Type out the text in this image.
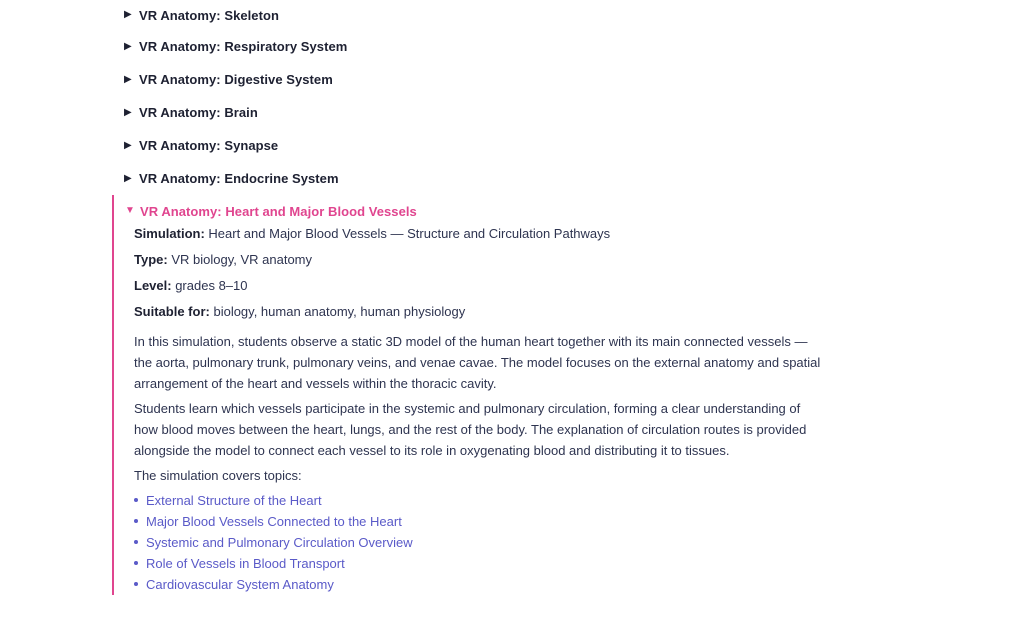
▶ VR Anatomy: Skeleton
▶ VR Anatomy: Respiratory System
▶ VR Anatomy: Digestive System
▶ VR Anatomy: Brain
▶ VR Anatomy: Synapse
▶ VR Anatomy: Endocrine System
▼ VR Anatomy: Heart and Major Blood Vessels
Simulation: Heart and Major Blood Vessels — Structure and Circulation Pathways
Type: VR biology, VR anatomy
Level: grades 8–10
Suitable for: biology, human anatomy, human physiology

In this simulation, students observe a static 3D model of the human heart together with its main connected vessels — the aorta, pulmonary trunk, pulmonary veins, and venae cavae. The model focuses on the external anatomy and spatial arrangement of the heart and vessels within the thoracic cavity.

Students learn which vessels participate in the systemic and pulmonary circulation, forming a clear understanding of how blood moves between the heart, lungs, and the rest of the body. The explanation of circulation routes is provided alongside the model to connect each vessel to its role in oxygenating blood and distributing it to tissues.

The simulation covers topics:

External Structure of the Heart
Major Blood Vessels Connected to the Heart
Systemic and Pulmonary Circulation Overview
Role of Vessels in Blood Transport
Cardiovascular System Anatomy
